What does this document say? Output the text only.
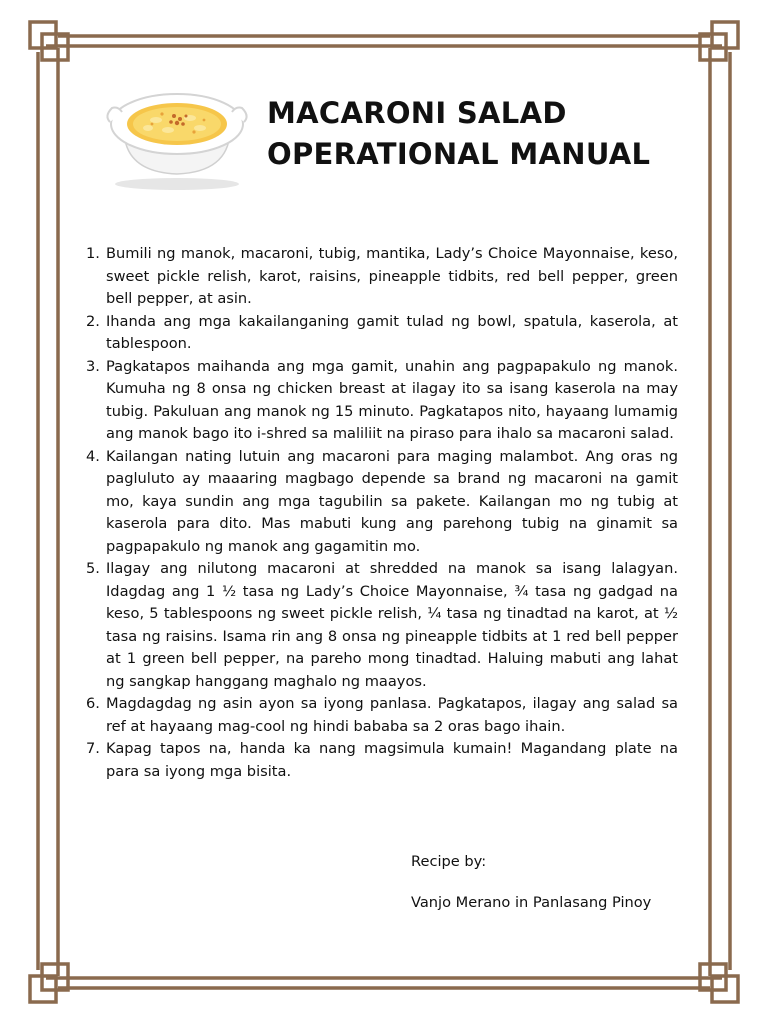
MACARONI SALAD
OPERATIONAL MANUAL
1. Bumili ng manok, macaroni, tubig, mantika, Lady’s Choice Mayonnaise, keso, sweet pickle relish, karot, raisins, pineapple tidbits, red bell pepper, green bell pepper, at asin.
2. Ihanda ang mga kakailanganing gamit tulad ng bowl, spatula, kaserola, at tablespoon.
3. Pagkatapos maihanda ang mga gamit, unahin ang pagpapakulo ng manok. Kumuha ng 8 onsa ng chicken breast at ilagay ito sa isang kaserola na may tubig. Pakuluan ang manok ng 15 minuto. Pagkatapos nito, hayaang lumamig ang manok bago ito i-shred sa maliliit na piraso para ihalo sa macaroni salad.
4. Kailangan nating lutuin ang macaroni para maging malambot. Ang oras ng pagluluto ay maaaring magbago depende sa brand ng macaroni na gamit mo, kaya sundin ang mga tagubilin sa pakete. Kailangan mo ng tubig at kaserola para dito. Mas mabuti kung ang parehong tubig na ginamit sa pagpapakulo ng manok ang gagamitin mo.
5. Ilagay ang nilutong macaroni at shredded na manok sa isang lalagyan. Idagdag ang 1 ½ tasa ng Lady’s Choice Mayonnaise, ¾ tasa ng gadgad na keso, 5 tablespoons ng sweet pickle relish, ¼ tasa ng tinadtad na karot, at ½ tasa ng raisins. Isama rin ang 8 onsa ng pineapple tidbits at 1 red bell pepper at 1 green bell pepper, na pareho mong tinadtad. Haluing mabuti ang lahat ng sangkap hanggang maghalo ng maayos.
6. Magdagdag ng asin ayon sa iyong panlasa. Pagkatapos, ilagay ang salad sa ref at hayaang mag-cool ng hindi bababa sa 2 oras bago ihain.
7. Kapag tapos na, handa ka nang magsimula kumain! Magandang plate na para sa iyong mga bisita.
Recipe by:
Vanjo Merano in Panlasang Pinoy
